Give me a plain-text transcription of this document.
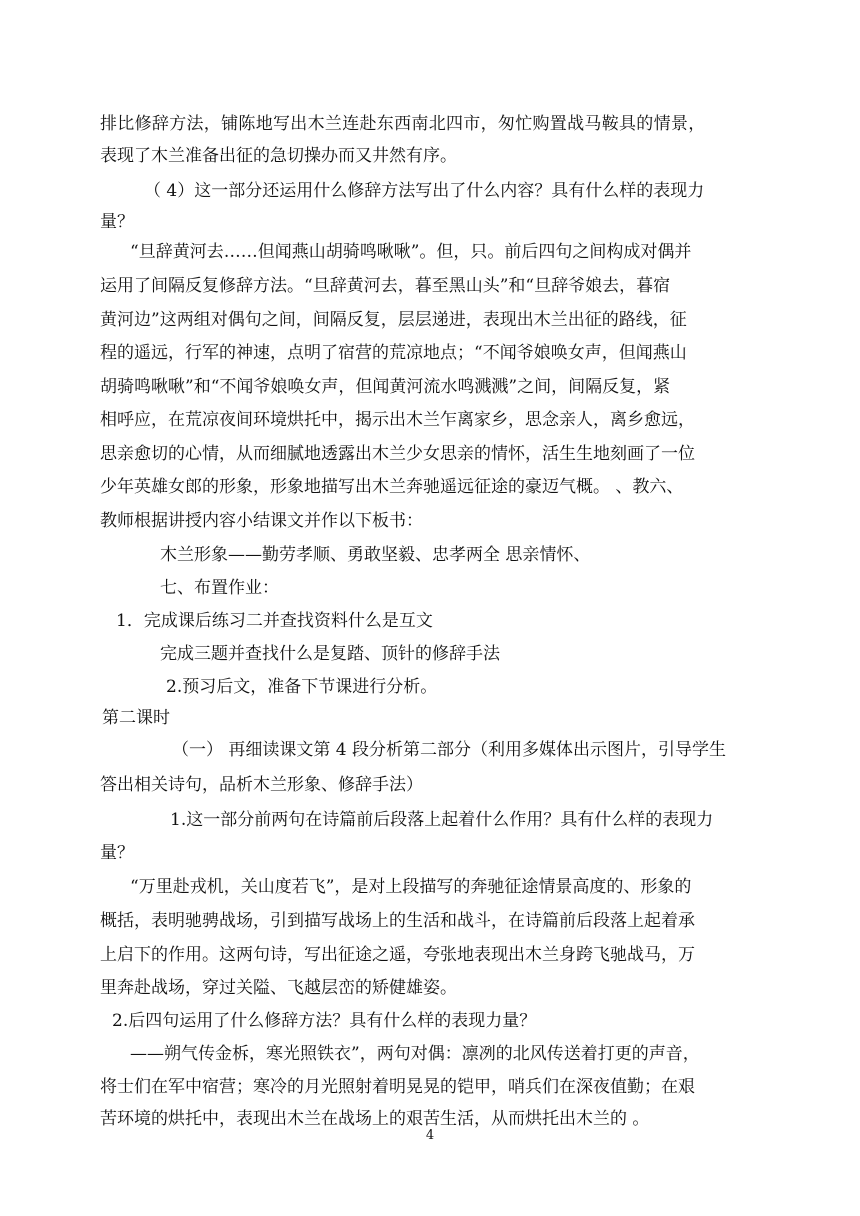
排比修辞方法，铺陈地写出木兰连赴东西南北四市，匆忙购置战马鞍具的情景，
表现了木兰准备出征的急切操办而又井然有序。
（ 4）这一部分还运用什么修辞方法写出了什么内容？具有什么样的表现力
量？
“旦辞黄河去……但闻燕山胡骑鸣啾啾”。但，只。前后四句之间构成对偶并
运用了间隔反复修辞方法。“旦辞黄河去，暮至黑山头”和“旦辞爷娘去，暮宿
黄河边”这两组对偶句之间，间隔反复，层层递进，表现出木兰出征的路线，征
程的遥远，行军的神速，点明了宿营的荒凉地点；“不闻爷娘唤女声，但闻燕山
胡骑鸣啾啾”和“不闻爷娘唤女声，但闻黄河流水鸣溅溅”之间，间隔反复，紧
相呼应，在荒凉夜间环境烘托中，揭示出木兰乍离家乡，思念亲人，离乡愈远，
思亲愈切的心情，从而细腻地透露出木兰少女思亲的情怀，活生生地刻画了一位
少年英雄女郎的形象，形象地描写出木兰奔驰遥远征途的豪迈气概。 、教六、
教师根据讲授内容小结课文并作以下板书：
木兰形象——勤劳孝顺、勇敢坚毅、忠孝两全 思亲情怀、
七、布置作业：
1．完成课后练习二并查找资料什么是互文
完成三题并查找什么是复踏、顶针的修辞手法
2.预习后文，准备下节课进行分析。
第二课时
（一） 再细读课文第 4 段分析第二部分（利用多媒体出示图片，引导学生
答出相关诗句，品析木兰形象、修辞手法）
1.这一部分前两句在诗篇前后段落上起着什么作用？具有什么样的表现力
量？
“万里赴戎机，关山度若飞”，是对上段描写的奔驰征途情景高度的、形象的
概括，表明驰骋战场，引到描写战场上的生活和战斗，在诗篇前后段落上起着承
上启下的作用。这两句诗，写出征途之遥，夸张地表现出木兰身跨飞驰战马，万
里奔赴战场，穿过关隘、飞越层峦的矫健雄姿。
2.后四句运用了什么修辞方法？具有什么样的表现力量？
——朔气传金柝，寒光照铁衣”，两句对偶：凛冽的北风传送着打更的声音，
将士们在军中宿营；寒冷的月光照射着明晃晃的铠甲，哨兵们在深夜值勤；在艰
苦环境的烘托中，表现出木兰在战场上的艰苦生活，从而烘托出木兰的 。
4
